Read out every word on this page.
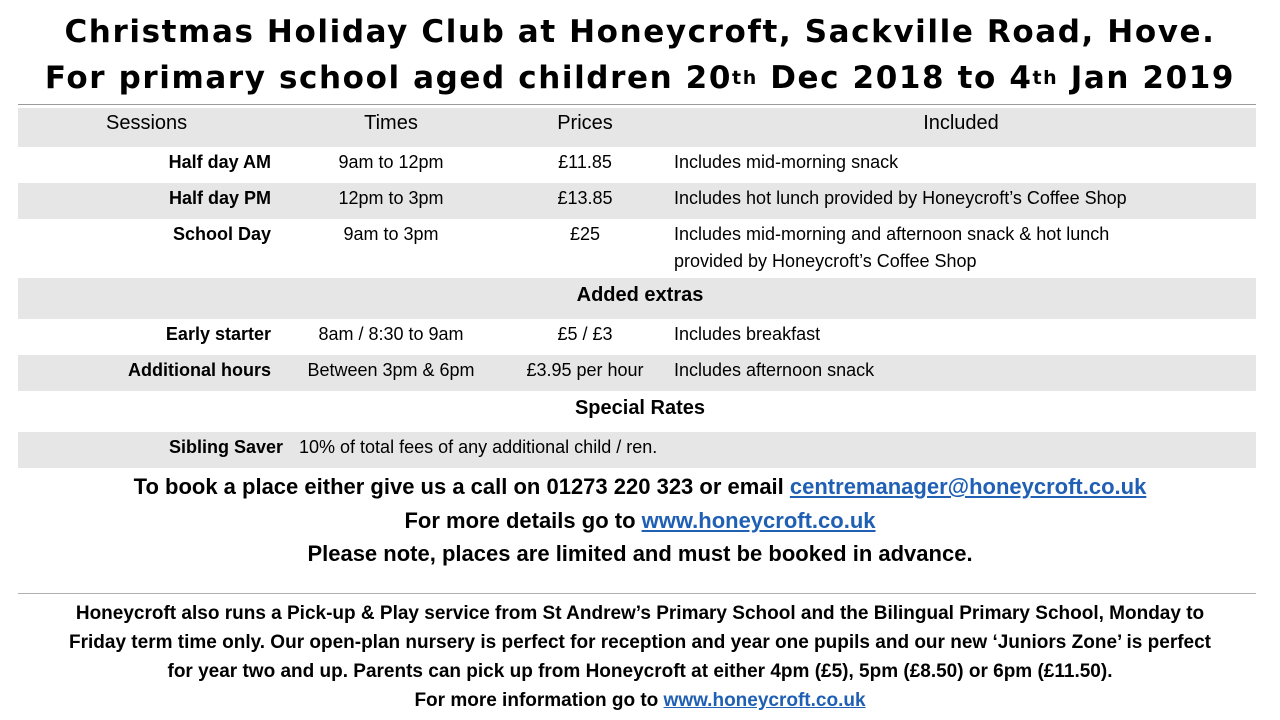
Christmas Holiday Club at Honeycroft, Sackville Road, Hove.
For primary school aged children 20th Dec 2018 to 4th Jan 2019
Sessions	Times	Prices	Included
Half day AM	9am to 12pm	£11.85	Includes mid-morning snack
Half day PM	12pm to 3pm	£13.85	Includes hot lunch provided by Honeycroft’s Coffee Shop
School Day	9am to 3pm	£25	Includes mid-morning and afternoon snack & hot lunch
provided by Honeycroft’s Coffee Shop
Added extras
Early starter	8am / 8:30 to 9am	£5 / £3	Includes breakfast
Additional hours	Between 3pm & 6pm	£3.95 per hour	Includes afternoon snack
Special Rates
Sibling Saver 10% of total fees of any additional child / ren.
To book a place either give us a call on 01273 220 323 or email centremanager@honeycroft.co.uk
For more details go to www.honeycroft.co.uk
Please note, places are limited and must be booked in advance.
Honeycroft also runs a Pick-up & Play service from St Andrew’s Primary School and the Bilingual Primary School, Monday to
Friday term time only. Our open-plan nursery is perfect for reception and year one pupils and our new ‘Juniors Zone’ is perfect
for year two and up. Parents can pick up from Honeycroft at either 4pm (£5), 5pm (£8.50) or 6pm (£11.50).
For more information go to www.honeycroft.co.uk
